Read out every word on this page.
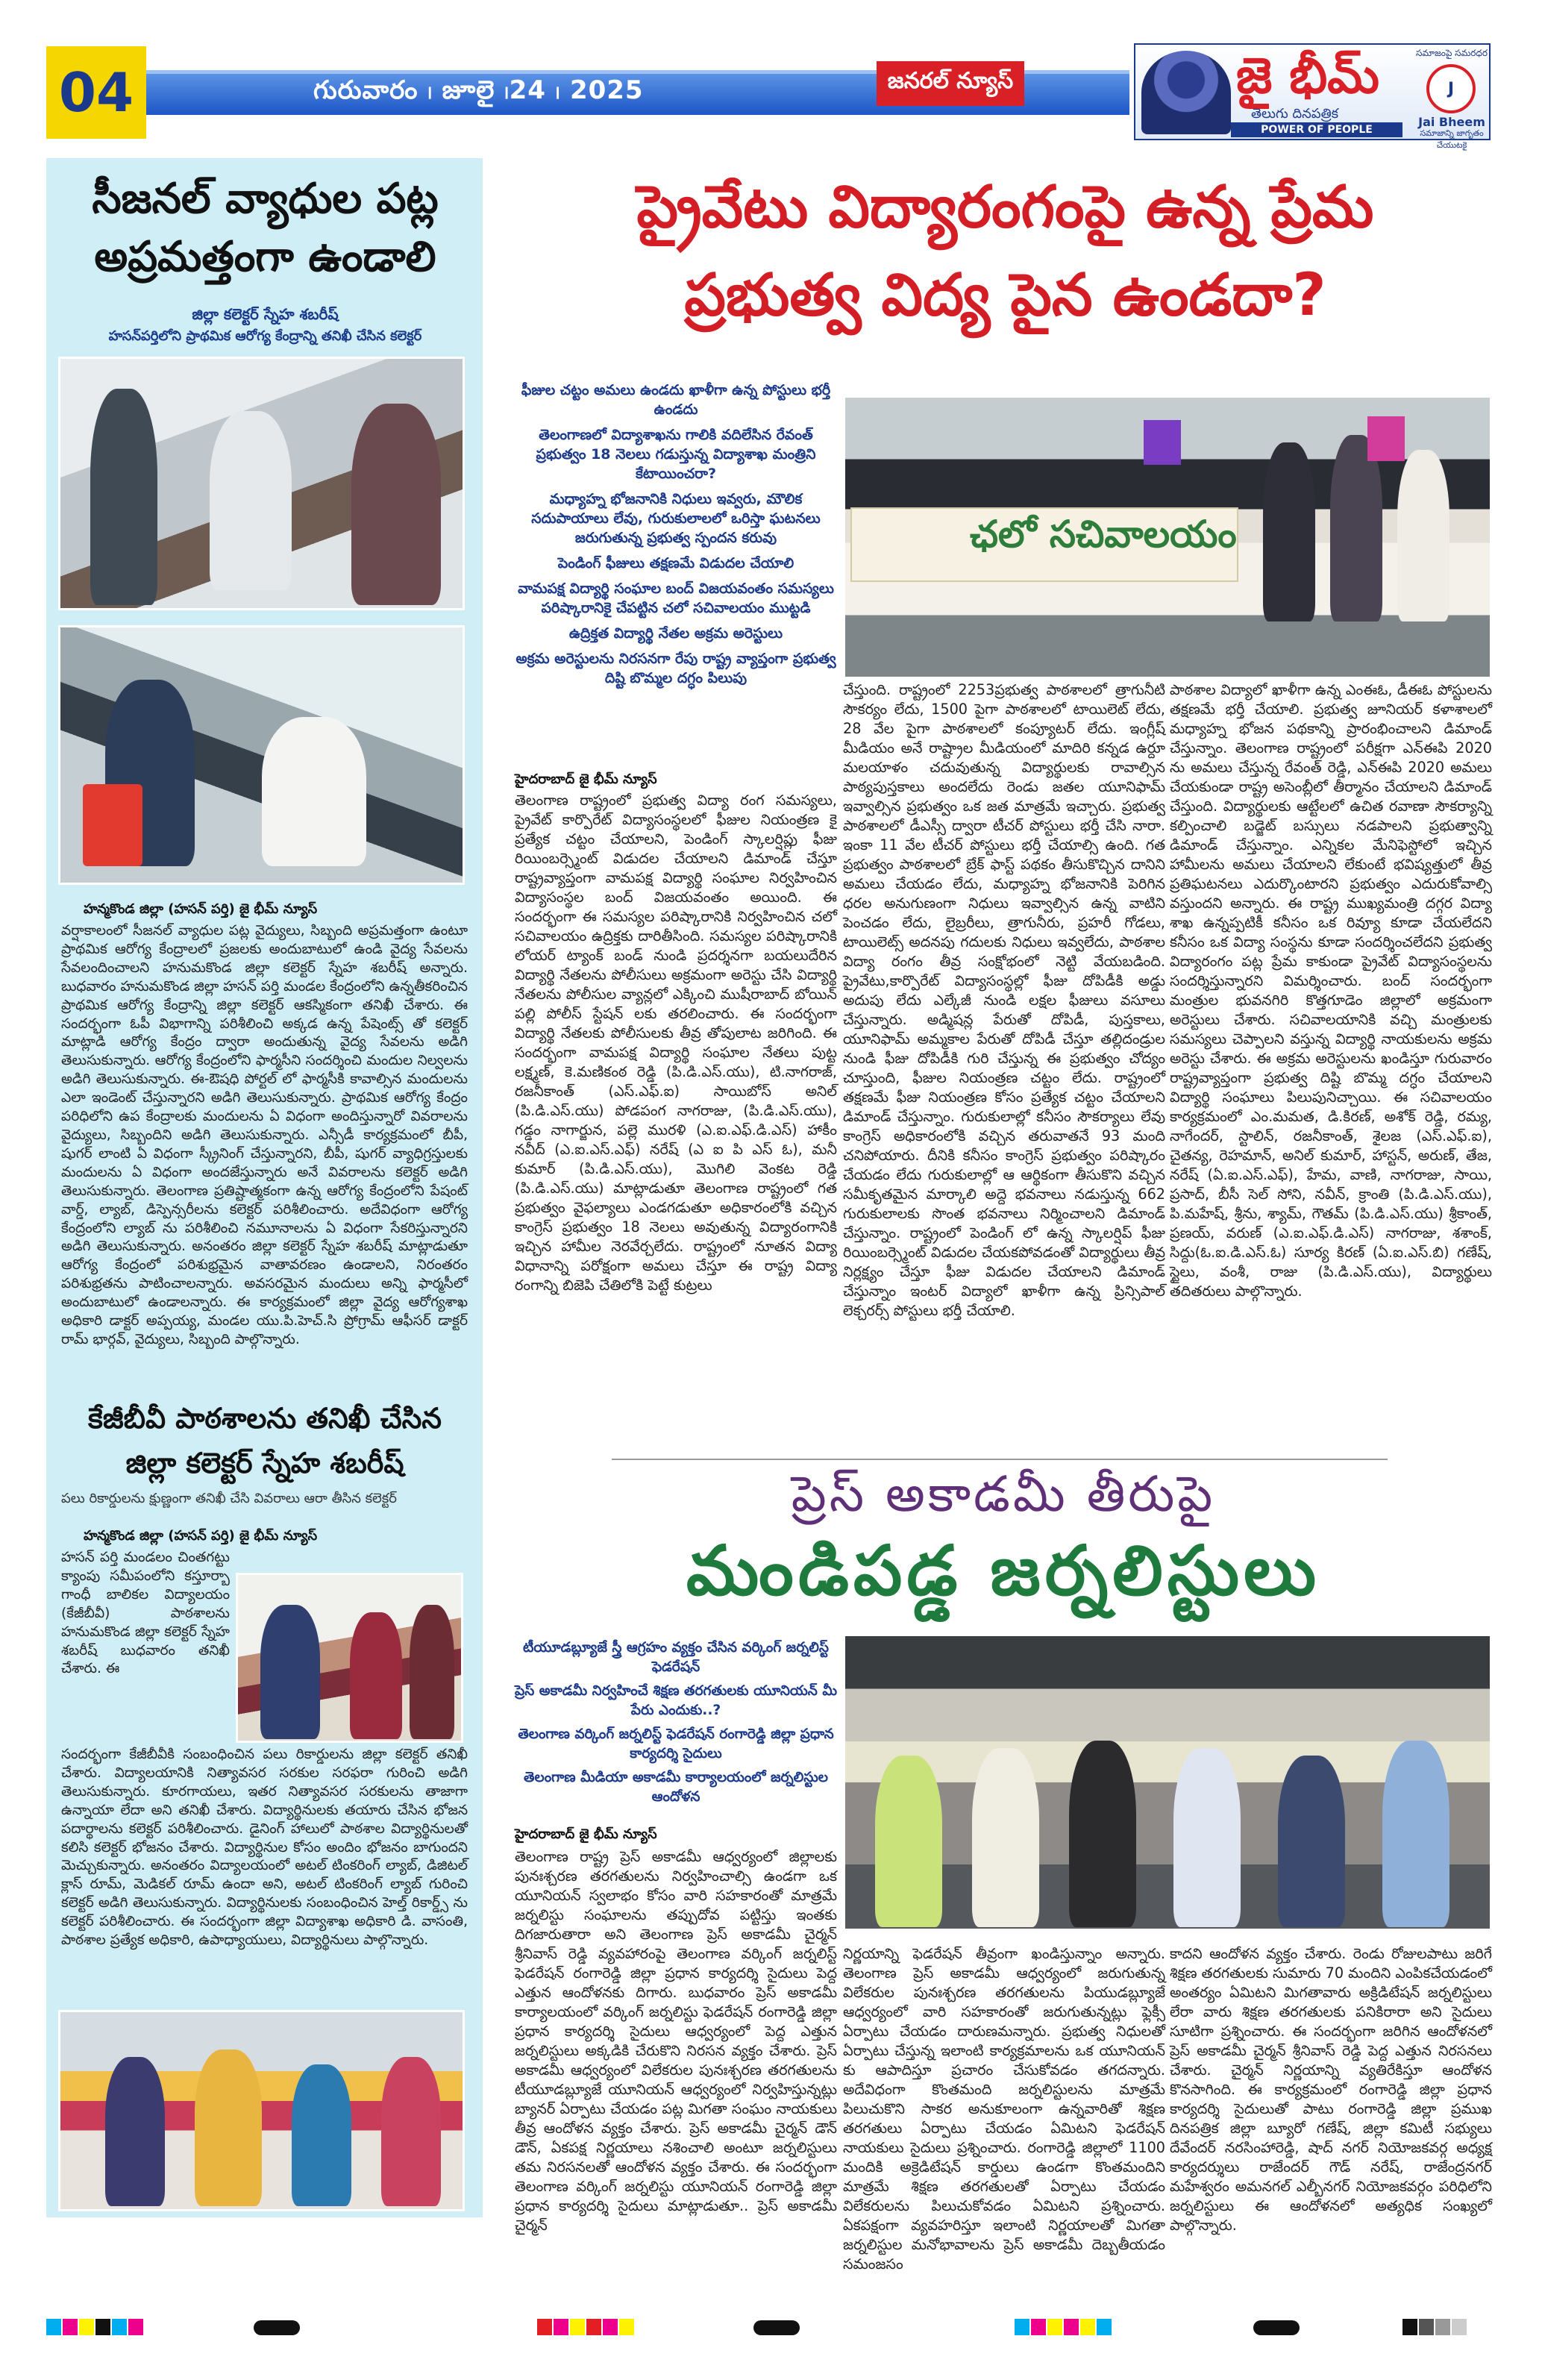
04	గురువారం ၊ జూలై ၊24 ၊ 2025	జనరల్ న్యూస్	జై భీమ్
తెలుగు దినపత్రిక
POWER OF PEOPLE
సమాజంపై సమరధర
J
Jai Bheem
సమాజాన్ని జాగృతం చేయుటకై
సీజనల్ వ్యాధుల పట్ల అప్రమత్తంగా ఉండాలి
జిల్లా కలెక్టర్ స్నేహ శబరీష్
హసన్‌పర్తిలోని ప్రాథమిక ఆరోగ్య కేంద్రాన్ని తనిఖీ చేసిన కలెక్టర్
హన్మకొండ జిల్లా (హసన్ పర్తి) జై భీమ్ న్యూస్
వర్షాకాలంలో సీజనల్ వ్యాధుల పట్ల వైద్యులు, సిబ్బంది అప్రమత్తంగా ఉంటూ ప్రాథమిక ఆరోగ్య కేంద్రాలలో ప్రజలకు అందుబాటులో ఉండి వైద్య సేవలను సేవలందించాలని హనుమకొండ జిల్లా కలెక్టర్ స్నేహ శబరీష్ అన్నారు. బుధవారం హనుమకొండ జిల్లా హసన్ పర్తి మండల కేంద్రంలోని ఉన్నతీకరించిన ప్రాథమిక ఆరోగ్య కేంద్రాన్ని జిల్లా కలెక్టర్ ఆకస్మికంగా తనిఖీ చేశారు. ఈ సందర్భంగా ఓపీ విభాగాన్ని పరిశీలించి అక్కడ ఉన్న పేషెంట్స్ తో కలెక్టర్ మాట్లాడి ఆరోగ్య కేంద్రం ద్వారా అందుతున్న వైద్య సేవలను అడిగి తెలుసుకున్నారు. ఆరోగ్య కేంద్రంలోని ఫార్మసీని సందర్శించి మందుల నిల్వలను అడిగి తెలుసుకున్నారు. ఈ-ఔషధి పోర్టల్ లో ఫార్మసీకి కావాల్సిన మందులను ఎలా ఇండెంట్ చేస్తున్నారని అడిగి తెలుసుకున్నారు. ప్రాథమిక ఆరోగ్య కేంద్రం పరిధిలోని ఉప కేంద్రాలకు మందులను ఏ విధంగా అందిస్తున్నారో వివరాలను వైద్యులు, సిబ్బందిని అడిగి తెలుసుకున్నారు. ఎన్సీడీ కార్యక్రమంలో బీపీ, షుగర్ లాంటి ఏ విధంగా స్క్రీనింగ్ చేస్తున్నారని, బీపీ, షుగర్ వ్యాధిగ్రస్తులకు మందులను ఏ విధంగా అందజేస్తున్నారు అనే వివరాలను కలెక్టర్ అడిగి తెలుసుకున్నారు. తెలంగాణ ప్రతిష్టాత్మకంగా ఉన్న ఆరోగ్య కేంద్రంలోని పేషంట్ వార్డ్, ల్యాబ్, డిస్పెన్సరీలను కలెక్టర్ పరిశీలించారు. అదేవిధంగా ఆరోగ్య కేంద్రంలోని ల్యాబ్ ను పరిశీలించి నమూనాలను ఏ విధంగా సేకరిస్తున్నారని అడిగి తెలుసుకున్నారు. అనంతరం జిల్లా కలెక్టర్ స్నేహ శబరీష్ మాట్లాడుతూ ఆరోగ్య కేంద్రంలో పరిశుభ్రమైన వాతావరణం ఉండాలని, నిరంతరం పరిశుభ్రతను పాటించాలన్నారు. అవసరమైన మందులు అన్ని ఫార్మసీలో అందుబాటులో ఉండాలన్నారు. ఈ కార్యక్రమంలో జిల్లా వైద్య ఆరోగ్యశాఖ అధికారి డాక్టర్ అప్పయ్య, మండల యు.పి.హెచ్.సి ప్రోగ్రామ్ ఆఫీసర్ డాక్టర్ రామ్ భార్గవ్, వైద్యులు, సిబ్బంది పాల్గొన్నారు.
కేజీబీవీ పాఠశాలను తనిఖీ చేసిన
జిల్లా కలెక్టర్ స్నేహ శబరీష్
పలు రికార్డులను క్షుణ్ణంగా తనిఖీ చేసి వివరాలు ఆరా తీసిన కలెక్టర్
హన్మకొండ జిల్లా (హసన్ పర్తి) జై భీమ్ న్యూస్
హసన్ పర్తి మండలం చింతగట్టు క్యాంపు సమీపంలోని కస్తూర్బా గాంధీ బాలికల విద్యాలయం (కేజీబీవీ) పాఠశాలను హనుమకొండ జిల్లా కలెక్టర్ స్నేహ శబరీష్ బుధవారం తనిఖీ చేశారు. ఈ
సందర్భంగా కేజీబీవీకి సంబంధించిన పలు రికార్డులను జిల్లా కలెక్టర్ తనిఖీ చేశారు. విద్యాలయానికి నిత్యావసర సరకుల సరఫరా గురించి అడిగి తెలుసుకున్నారు. కూరగాయలు, ఇతర నిత్యావసర సరకులను తాజాగా ఉన్నాయా లేదా అని తనిఖీ చేశారు. విద్యార్థినులకు తయారు చేసిన భోజన పదార్థాలను కలెక్టర్ పరిశీలించారు. డైనింగ్ హాలులో పాఠశాల విద్యార్థినులతో కలిసి కలెక్టర్ భోజనం చేశారు. విద్యార్థినుల కోసం అందిం భోజనం బాగుందని మెచ్చుకున్నారు. అనంతరం విద్యాలయంలో అటల్ టింకరింగ్ ల్యాబ్, డిజిటల్ క్లాస్ రూమ్, మెడికల్ రూమ్ ఉందా అని, అటల్ టింకరింగ్ ల్యాబ్ గురించి కలెక్టర్ అడిగి తెలుసుకున్నారు. విద్యార్థినులకు సంబంధించిన హెల్త్ రికార్డ్స్ ను కలెక్టర్ పరిశీలించారు. ఈ సందర్భంగా జిల్లా విద్యాశాఖ అధికారి డి. వాసంతి, పాఠశాల ప్రత్యేక అధికారి, ఉపాధ్యాయులు, విద్యార్థినులు పాల్గొన్నారు.
ప్రైవేటు విద్యారంగంపై ఉన్న ప్రేమ
ప్రభుత్వ విద్య పైన ఉండదా?
ఫీజుల చట్టం అమలు ఉండదు ఖాళీగా ఉన్న పోస్టులు భర్తీ ఉండదు
తెలంగాణలో విద్యాశాఖను గాలికి వదిలేసిన రేవంత్ ప్రభుత్వం 18 నెలలు గడుస్తున్న విద్యాశాఖ మంత్రిని కేటాయించరా?
మధ్యాహ్న భోజనానికి నిధులు ఇవ్వరు, మౌలిక సదుపాయాలు లేవు, గురుకులాలలో ఒరిస్తా ఘటనలు జరుగుతున్న ప్రభుత్వ స్పందన కరువు
పెండింగ్ ఫీజులు తక్షణమే విడుదల చేయాలి
వామపక్ష విద్యార్థి సంఘాల బంద్ విజయవంతం సమస్యలు పరిష్కారానికై చేపట్టిన చలో సచివాలయం ముట్టడి
ఉద్రిక్తత విద్యార్థి నేతల అక్రమ అరెస్టులు
అక్రమ అరెస్టులను నిరసనగా రేపు రాష్ట్ర వ్యాప్తంగా ప్రభుత్వ దిష్టి బొమ్మల దగ్ధం పిలుపు
ఛలో సచివాలయం
హైదరాబాద్ జై భీమ్ న్యూస్
తెలంగాణ రాష్ట్రంలో ప్రభుత్వ విద్యా రంగ సమస్యలు, ప్రైవేట్ కార్పొరేట్ విద్యాసంస్థలలో ఫీజుల నియంత్రణ కై ప్రత్యేక చట్టం చేయాలని, పెండింగ్ స్కాలర్షిప్లు ఫీజు రియింబర్స్మెంట్ విడుదల చేయాలని డిమాండ్ చేస్తూ రాష్ట్రవ్యాప్తంగా వామపక్ష విద్యార్థి సంఘాల నిర్వహించిన విద్యాసంస్థల బంద్ విజయవంతం అయింది. ఈ సందర్భంగా ఈ సమస్యల పరిష్కారానికి నిర్వహించిన చలో సచివాలయం ఉద్రిక్తకు దారితీసింది. సమస్యల పరిష్కారానికి లోయర్ ట్యాంక్ బండ్ నుండి ప్రదర్శనగా బయలుదేరిన విద్యార్థి నేతలను పోలీసులు అక్రమంగా అరెస్టు చేసి విద్యార్థి నేతలను పోలీసుల వ్యాన్లలో ఎక్కించి ముషీరాబాద్ బోయిన్ పల్లి పోలీస్ స్టేషన్ లకు తరలించారు. ఈ సందర్భంగా విద్యార్థి నేతలకు పోలీసులకు తీవ్ర తోపులాట జరిగింది. ఈ సందర్భంగా వామపక్ష విద్యార్థి సంఘాల నేతలు పుట్ట లక్ష్మణ్, కె.మణికంఠ రెడ్డి (పి.డి.ఎస్.యు), టి.నాగరాజ్, రజనీకాంత్ (ఎస్.ఎఫ్.ఐ) సాయిబోస్ అనిల్ (పి.డి.ఎస్.యు) పోడపంగ నాగరాజు, (పి.డి.ఎస్.యు), గడ్డం నాగార్జున, పల్లె మురళి (ఎ.ఐ.ఎఫ్.డి.ఎస్) హాకీం నవీద్ (ఎ.ఐ.ఎస్.ఎఫ్) నరేష్ (ఎ ఐ పి ఎస్ ఓ), మనీ కుమార్ (పి.డి.ఎస్.యు), మొగిలి వెంకట రెడ్డి (పి.డి.ఎస్.యు) మాట్లాడుతూ తెలంగాణ రాష్ట్రంలో గత ప్రభుత్వం వైఫల్యాలు ఎండగడుతూ అధికారంలోకి వచ్చిన కాంగ్రెస్ ప్రభుత్వం 18 నెలలు అవుతున్న విద్యారంగానికి ఇచ్చిన హామీల నెరవేర్చలేదు. రాష్ట్రంలో నూతన విద్యా విధానాన్ని పరోక్షంగా అమలు చేస్తూ ఈ రాష్ట్ర విద్యా రంగాన్ని బిజెపి చేతిలోకి పెట్టే కుట్రలు
చేస్తుంది. రాష్ట్రంలో 2253ప్రభుత్వ పాఠశాలలో త్రాగునీటి సౌకర్యం లేదు, 1500 పైగా పాఠశాలలో టాయిలెట్ లేదు, 28 వేల పైగా పాఠశాలలో కంప్యూటర్ లేదు. ఇంగ్లీష్ మీడియం అనే రాష్ట్రాల మీడియంలో మాదిరి కన్నడ ఉర్దూ మలయాళం చదువుతున్న విద్యార్థులకు రావాల్సిన పాఠ్యపుస్తకాలు అందలేదు రెండు జతల యూనిఫామ్ ఇవ్వాల్సిన ప్రభుత్వం ఒక జత మాత్రమే ఇచ్చారు. ప్రభుత్వ పాఠశాలలో డీఎస్సీ ద్వారా టీచర్ పోస్టులు భర్తీ చేసి నారా. ఇంకా 11 వేల టీచర్ పోస్టులు భర్తీ చేయాల్సి ఉంది. గత ప్రభుత్వం పాఠశాలలో బ్రేక్ ఫాస్ట్ పథకం తీసుకొచ్చిన దానిని అమలు చేయడం లేదు, మధ్యాహ్న భోజనానికి పెరిగిన ధరల అనుగుణంగా నిధులు ఇవ్వాల్సిన ఉన్న వాటిని పెంచడం లేదు, లైబ్రరీలు, త్రాగునీరు, ప్రహరీ గోడలు, టాయిలెట్స్ అదనపు గదులకు నిధులు ఇవ్వలేదు, పాఠశాల విద్యా రంగం తీవ్ర సంక్షోభంలో నెట్టి వేయబడింది. ప్రైవేటు,కార్పొరేట్ విద్యాసంస్థల్లో ఫీజు దోపిడీకి అడ్డు అదుపు లేదు ఎల్కేజీ నుండి లక్షల ఫీజులు వసూలు చేస్తున్నారు. అడ్మిషన్ల పేరుతో దోపిడీ, పుస్తకాలు, యూనిఫామ్ అమ్మకాల పేరుతో దోపిడీ చేస్తూ తల్లిదండ్రుల నుండి ఫీజు దోపిడీకి గురి చేస్తున్న ఈ ప్రభుత్వం చోద్యం చూస్తుంది, ఫీజుల నియంత్రణ చట్టం లేదు. రాష్ట్రంలో తక్షణమే ఫీజు నియంత్రణ కోసం ప్రత్యేక చట్టం చేయాలని డిమాండ్ చేస్తున్నాం. గురుకులాల్లో కనీసం సౌకర్యాలు లేవు కాంగ్రెస్ అధికారంలోకి వచ్చిన తరువాతనే 93 మంది చనిపోయారు. దీనికి కనీసం కాంగ్రెస్ ప్రభుత్వం పరిష్కారం చేయడం లేదు గురుకులాల్లో ఆ ఆర్థికంగా తీసుకొని వచ్చిన సమీకృతమైన మార్కాలి అద్దె భవనాలు నడుస్తున్న 662 గురుకులాలకు సొంత భవనాలు నిర్మించాలని డిమాండ్ చేస్తున్నాం. రాష్ట్రంలో పెండింగ్ లో ఉన్న స్కాలర్షిప్ ఫీజు రియింబర్స్మెంట్ విడుదల చేయకపోవడంతో విద్యార్థులు తీవ్ర నిర్లక్ష్యం చేస్తూ ఫీజు విడుదల చేయాలని డిమాండ్ చేస్తున్నాం ఇంటర్ విద్యాలో ఖాళీగా ఉన్న ప్రిన్సిపాల్ లెక్చరర్స్ పోస్టులు భర్తీ చేయాలి.
పాఠశాల విద్యాలో ఖాళీగా ఉన్న ఎంఈఓ, డీఈఓ పోస్టులను తక్షణమే భర్తీ చేయాలి. ప్రభుత్వ జూనియర్ కళాశాలలో మధ్యాహ్న భోజన పథకాన్ని ప్రారంభించాలని డిమాండ్ చేస్తున్నాం. తెలంగాణ రాష్ట్రంలో పరీక్షగా ఎన్ఈపి 2020 ను అమలు చేస్తున్న రేవంత్ రెడ్డి, ఎన్ఈపి 2020 అమలు చేయకుండా రాష్ట్ర అసెంబ్లీలో తీర్మానం చేయాలని డిమాండ్ చేస్తుంది. విద్యార్థులకు ఆట్టేలలో ఉచిత రవాణా సౌకర్యాన్ని కల్పించాలి బడ్జెట్ బస్సులు నడపాలని ప్రభుత్వాన్ని డిమాండ్ చేస్తున్నాం. ఎన్నికల మేనిఫెస్టోలో ఇచ్చిన హామీలను అమలు చేయాలని లేకుంటే భవిష్యత్తులో తీవ్ర ప్రతిఘటనలు ఎదుర్కొంటారని ప్రభుత్వం ఎదురుకోవాల్సి వస్తుందని అన్నారు. ఈ రాష్ట్ర ముఖ్యమంత్రి దగ్గర విద్యా శాఖ ఉన్నప్పటికీ కనీసం ఒక రివ్యూ కూడా చేయలేదని కనీసం ఒక విద్యా సంస్థను కూడా సందర్శించలేదని ప్రభుత్వ విద్యారంగం పట్ల ప్రేమ కాకుండా ప్రైవేట్ విద్యాసంస్థలను సందర్శిస్తున్నారని విమర్శించారు. బంద్ సందర్భంగా మంత్రుల భువనగిరి కొత్తగూడెం జిల్లాలో అక్రమంగా అరెస్టులు చేశారు. సచివాలయానికి వచ్చి మంత్రులకు సమస్యలు చెప్పాలని వస్తున్న విద్యార్థి నాయకులను అక్రమ అరెస్టు చేశారు. ఈ అక్రమ అరెస్టులను ఖండిస్తూ గురువారం రాష్ట్రవ్యాప్తంగా ప్రభుత్వ దిష్టి బొమ్మ దగ్ధం చేయాలని విద్యార్థి సంఘాలు పిలుపునిచ్చాయి. ఈ సచివాలయం కార్యక్రమంలో ఎం.మమత, డి.కిరణ్, అశోక్ రెడ్డి, రమ్య, నాగేందర్, స్టాలిన్, రజనీకాంత్, శైలజ (ఎస్.ఎఫ్.ఐ), చైతన్య, రెహమాన్, అనిల్ కుమార్, హాస్టన్, అరుణ్, తేజ, నరేష్ (ఏ.ఐ.ఎస్.ఎఫ్), హేమ, వాణి, నాగరాజు, సాయి, ప్రసాద్, బీసీ సెల్ సోని, నవీన్, క్రాంతి (పి.డి.ఎస్.యు), పి.మహేష్, శ్రీను, శ్యామ్, గౌతమ్ (పి.డి.ఎస్.యు) శ్రీకాంత్, ప్రణయ్, వరుణ్ (ఎ.ఐ.ఎఫ్.డి.ఎస్) నాగరాజు, శశాంక్, సిద్దు(ఓ.ఐ.డి.ఎస్.ఓ) సూర్య కిరణ్ (ఏ.ఐ.ఎస్.బి) గణేష్, స్టైలు, వంశీ, రాజు (పి.డి.ఎస్.యు), విద్యార్థులు తదితరులు పాల్గొన్నారు.
ప్రెస్ అకాడమీ తీరుపై
మండిపడ్డ జర్నలిస్టులు
టీయూడబ్ల్యూజే స్త్రీ ఆగ్రహం వ్యక్తం చేసిన వర్కింగ్ జర్నలిస్ట్ ఫెడరేషన్
ప్రెస్ అకాడమీ నిర్వహించే శిక్షణ తరగతులకు యూనియన్ మీ పేరు ఎందుకు..?
తెలంగాణ వర్కింగ్ జర్నలిస్ట్ ఫెడరేషన్ రంగారెడ్డి జిల్లా ప్రధాన కార్యదర్శి సైదులు
తెలంగాణ మీడియా అకాడమీ కార్యాలయంలో జర్నలిస్టుల ఆందోళన
హైదరాబాద్ జై భీమ్ న్యూస్
తెలంగాణ రాష్ట్ర ప్రెస్ అకాడమీ ఆధ్వర్యంలో జిల్లాలకు పునఃశ్చరణ తరగతులను నిర్వహించాల్సి ఉండగా ఒక యూనియన్ స్వలాభం కోసం వారి సహకారంతో మాత్రమే జర్నలిస్టు సంఘాలను తప్పుదోవ పట్టిస్తు ఇంతకు దిగజారుతారా అని తెలంగాణ ప్రెస్ అకాడమీ చైర్మన్ శ్రీనివాస్ రెడ్డి వ్యవహారంపై తెలంగాణ వర్కింగ్ జర్నలిస్ట్ ఫెడరేషన్ రంగారెడ్డి జిల్లా ప్రధాన కార్యదర్శి సైదులు పెద్ద ఎత్తున ఆందోళనకు దిగారు. బుధవారం ప్రెస్ అకాడమీ కార్యాలయంలో వర్కింగ్ జర్నలిస్టు ఫెడరేషన్ రంగారెడ్డి జిల్లా ప్రధాన కార్యదర్శి సైదులు ఆధ్వర్యంలో పెద్ద ఎత్తున జర్నలిస్టులు అక్కడికి చేరుకొని నిరసన వ్యక్తం చేశారు. ప్రెస్ అకాడమీ ఆధ్వర్యంలో విలేకరుల పునఃశ్చరణ తరగతులను టీయూడబ్ల్యూజే యూనియన్ ఆధ్వర్యంలో నిర్వహిస్తున్నట్లు బ్యానర్ ఏర్పాటు చేయడం పట్ల మిగతా సంఘం నాయకులు తీవ్ర ఆందోళన వ్యక్తం చేశారు. ప్రెస్ అకాడమీ చైర్మన్ డౌన్ డౌన్, ఏకపక్ష నిర్ణయాలు నశించాలి అంటూ జర్నలిస్టులు తమ నిరసనలతో ఆందోళన వ్యక్తం చేశారు. ఈ సందర్భంగా తెలంగాణ వర్కింగ్ జర్నలిస్టు యూనియన్ రంగారెడ్డి జిల్లా ప్రధాన కార్యదర్శి సైదులు మాట్లాడుతూ.. ప్రెస్ అకాడమీ చైర్మన్
నిర్ణయాన్ని ఫెడరేషన్ తీవ్రంగా ఖండిస్తున్నాం అన్నారు. తెలంగాణ ప్రెస్ అకాడమీ ఆధ్వర్యంలో జరుగుతున్న విలేకరుల పునఃశ్చరణ తరగతులను పియుడబ్ల్యూజే ఆధ్వర్యంలో వారి సహకారంతో జరుగుతున్నట్లు ఫ్లెక్సీ ఏర్పాటు చేయడం దారుణమన్నారు. ప్రభుత్వ నిధులతో ఏర్పాటు చేస్తున్న ఇలాంటి కార్యక్రమాలను ఒక యూనియన్ కు ఆపాదిస్తూ ప్రచారం చేసుకోవడం తగదన్నారు. అదేవిధంగా కొంతమంది జర్నలిస్టులను మాత్రమే పిలుచుకొని సాకర అనుకూలంగా ఉన్నవారితో శిక్షణ తరగతులు ఏర్పాటు చేయడం ఏమిటని ఫెడరేషన్ నాయకులు సైదులు ప్రశ్నించారు. రంగారెడ్డి జిల్లాలో 1100 మందికి అక్రెడిటేషన్ కార్డులు ఉండగా కొంతమందిని మాత్రమే శిక్షణ తరగతులతో ఏర్పాటు చేయడం విలేకరులను పిలుచుకోవడం ఏమిటని ప్రశ్నించారు. ఏకపక్షంగా వ్యవహరిస్తూ ఇలాంటి నిర్ణయాలతో మిగతా జర్నలిస్టుల మనోభావాలను ప్రెస్ అకాడమీ దెబ్బతీయడం సమంజసం
కాదని ఆందోళన వ్యక్తం చేశారు. రెండు రోజులపాటు జరిగే శిక్షణ తరగతులకు సుమారు 70 మందిని ఎంపికచేయడంలో అంతర్యం ఏమిటని మిగతావారు అక్రిడిటేషన్ జర్నలిస్టులు లేరా వారు శిక్షణ తరగతులకు పనికిరారా అని సైదులు సూటిగా ప్రశ్నించారు. ఈ సందర్భంగా జరిగిన ఆందోళనలో ప్రెస్ అకాడమీ చైర్మన్ శ్రీనివాస్ రెడ్డి పెద్ద ఎత్తున నిరసనలు చేశారు. చైర్మన్ నిర్ణయాన్ని వ్యతిరేకిస్తూ ఆందోళన కొనసాగింది. ఈ కార్యక్రమంలో రంగారెడ్డి జిల్లా ప్రధాన కార్యదర్శి సైదులుతో పాటు రంగారెడ్డి జిల్లా ప్రముఖ దినపత్రిక జిల్లా బ్యూరో గణేష్, జిల్లా కమిటీ సభ్యులు దేవేందర్ నరసింహారెడ్డి, షాద్ నగర్ నియోజకవర్గ అధ్యక్ష కార్యదర్శులు రాజేందర్ గౌడ్ నరేష్, రాజేంద్రనగర్ మహేశ్వరం అమనగల్ ఎల్బీనగర్ నియోజకవర్గం పరిధిలోని జర్నలిస్టులు ఈ ఆందోళనలో అత్యధిక సంఖ్యలో పాల్గొన్నారు.
